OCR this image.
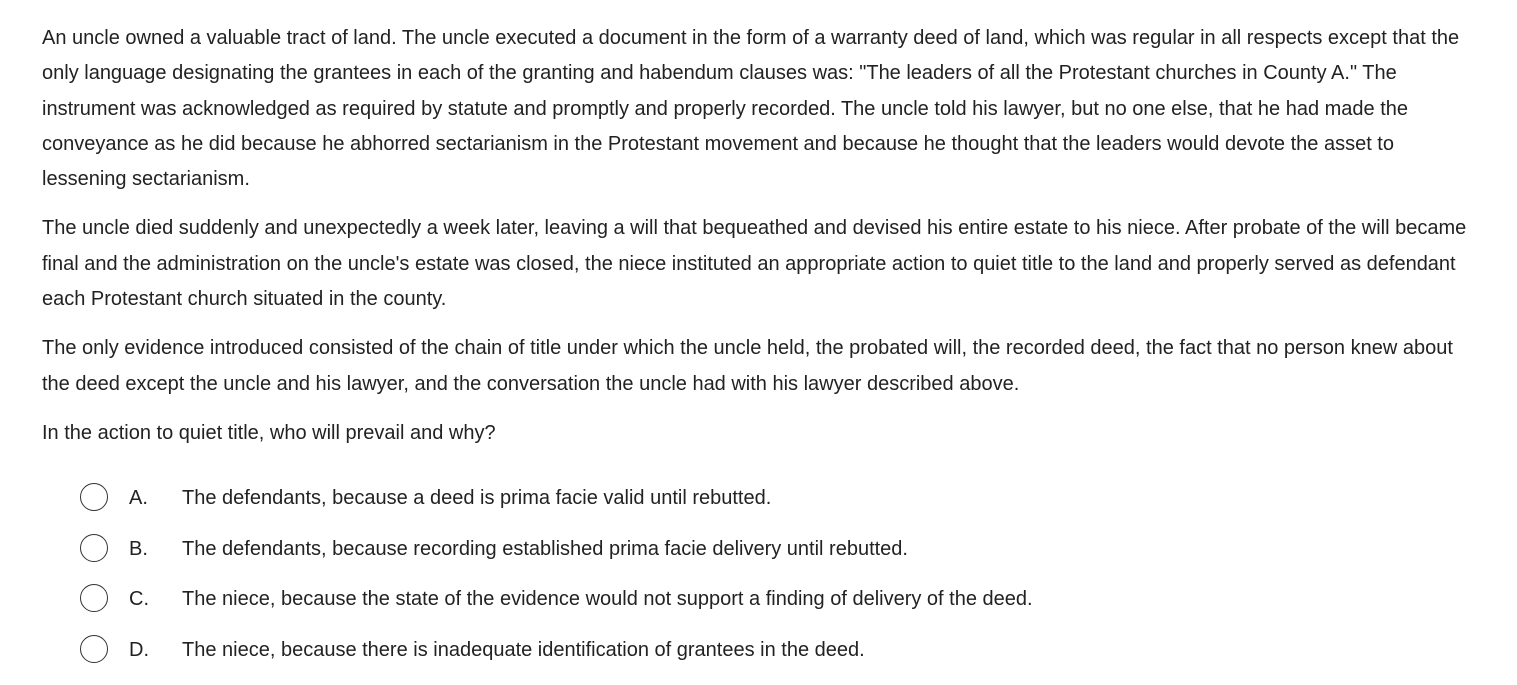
An uncle owned a valuable tract of land. The uncle executed a document in the form of a warranty deed of land, which was regular in all respects except that the only language designating the grantees in each of the granting and habendum clauses was: "The leaders of all the Protestant churches in County A." The instrument was acknowledged as required by statute and promptly and properly recorded. The uncle told his lawyer, but no one else, that he had made the conveyance as he did because he abhorred sectarianism in the Protestant movement and because he thought that the leaders would devote the asset to lessening sectarianism.

The uncle died suddenly and unexpectedly a week later, leaving a will that bequeathed and devised his entire estate to his niece. After probate of the will became final and the administration on the uncle's estate was closed, the niece instituted an appropriate action to quiet title to the land and properly served as defendant each Protestant church situated in the county.

The only evidence introduced consisted of the chain of title under which the uncle held, the probated will, the recorded deed, the fact that no person knew about the deed except the uncle and his lawyer, and the conversation the uncle had with his lawyer described above.

In the action to quiet title, who will prevail and why?

A. The defendants, because a deed is prima facie valid until rebutted.
B. The defendants, because recording established prima facie delivery until rebutted.
C. The niece, because the state of the evidence would not support a finding of delivery of the deed.
D. The niece, because there is inadequate identification of grantees in the deed.
